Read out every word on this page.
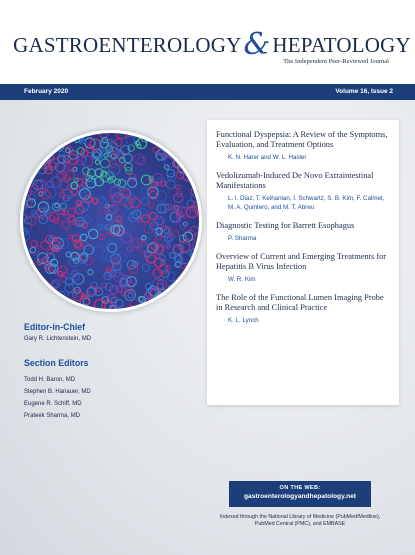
GASTROENTEROLOGY & HEPATOLOGY
The Independent Peer-Reviewed Journal
February 2020	Volume 16, Issue 2
Functional Dyspepsia: A Review of the Symptoms, Evaluation, and Treatment Options
K. N. Harer and W. L. Hasler
Vedolizumab-Induced De Novo Extraintestinal Manifestations
L. I. Diaz, T. Keihanian, I. Schwartz, S. B. Kim, F. Calmet, M. A. Quintero, and M. T. Abreu
Diagnostic Testing for Barrett Esophagus
P. Sharma
Overview of Current and Emerging Treatments for Hepatitis B Virus Infection
W. R. Kim
The Role of the Functional Lumen Imaging Probe in Research and Clinical Practice
K. L. Lynch
Editor-in-Chief
Gary R. Lichtenstein, MD
Section Editors
Todd H. Baron, MD
Stephen B. Hanauer, MD
Eugene R. Schiff, MD
Prateek Sharma, MD
ON THE WEB:
gastroenterologyandhepatology.net
Indexed through the National Library of Medicine (PubMed/Medline), PubMed Central (PMC), and EMBASE
